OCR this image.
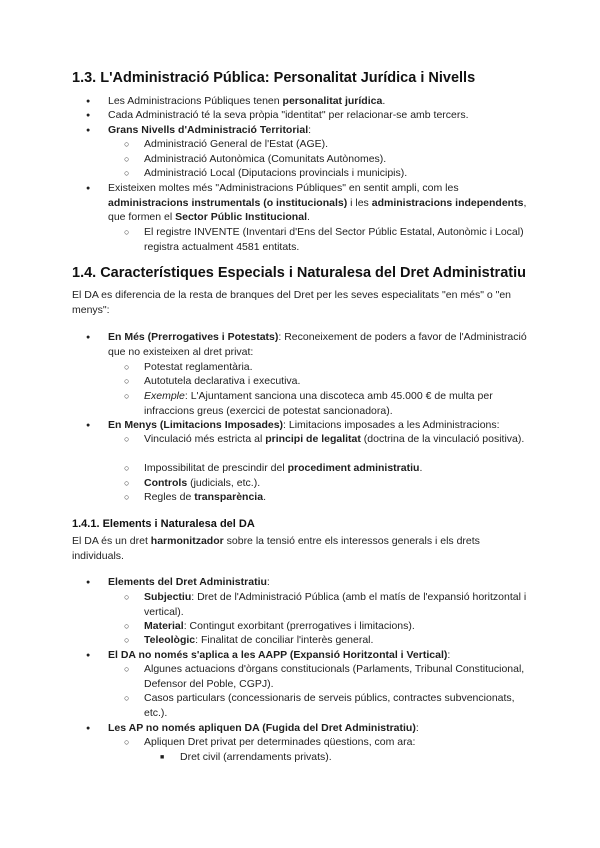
1.3. L'Administració Pública: Personalitat Jurídica i Nivells
● Les Administracions Públiques tenen personalitat jurídica.
● Cada Administració té la seva pròpia "identitat" per relacionar-se amb tercers.
● Grans Nivells d'Administració Territorial:
○ Administració General de l'Estat (AGE).
○ Administració Autonòmica (Comunitats Autònomes).
○ Administració Local (Diputacions provincials i municipis).
● Existeixen moltes més "Administracions Públiques" en sentit ampli, com les administracions instrumentals (o institucionals) i les administracions independents, que formen el Sector Públic Institucional.
○ El registre INVENTE (Inventari d'Ens del Sector Públic Estatal, Autonòmic i Local) registra actualment 4581 entitats.
1.4. Característiques Especials i Naturalesa del Dret Administratiu

El DA es diferencia de la resta de branques del Dret per les seves especialitats "en més" o "en menys":

● En Més (Prerrogatives i Potestats): Reconeixement de poders a favor de l'Administració que no existeixen al dret privat:
○ Potestat reglamentària.
○ Autotutela declarativa i executiva.
○ Exemple: L'Ajuntament sanciona una discoteca amb 45.000 € de multa per infraccions greus (exercici de potestat sancionadora).
● En Menys (Limitacions Imposades): Limitacions imposades a les Administracions:
○ Vinculació més estricta al principi de legalitat (doctrina de la vinculació positiva).
○ Impossibilitat de prescindir del procediment administratiu.
○ Controls (judicials, etc.).
○ Regles de transparència.
1.4.1. Elements i Naturalesa del DA

El DA és un dret harmonitzador sobre la tensió entre els interessos generals i els drets individuals.

● Elements del Dret Administratiu:
○ Subjectiu: Dret de l'Administració Pública (amb el matís de l'expansió horitzontal i vertical).
○ Material: Contingut exorbitant (prerrogatives i limitacions).
○ Teleològic: Finalitat de conciliar l'interès general.
● El DA no només s'aplica a les AAPP (Expansió Horitzontal i Vertical):
○ Algunes actuacions d'òrgans constitucionals (Parlaments, Tribunal Constitucional, Defensor del Poble, CGPJ).
○ Casos particulars (concessionaris de serveis públics, contractes subvencionats, etc.).
● Les AP no només apliquen DA (Fugida del Dret Administratiu):
○ Apliquen Dret privat per determinades qüestions, com ara:
■ Dret civil (arrendaments privats).
